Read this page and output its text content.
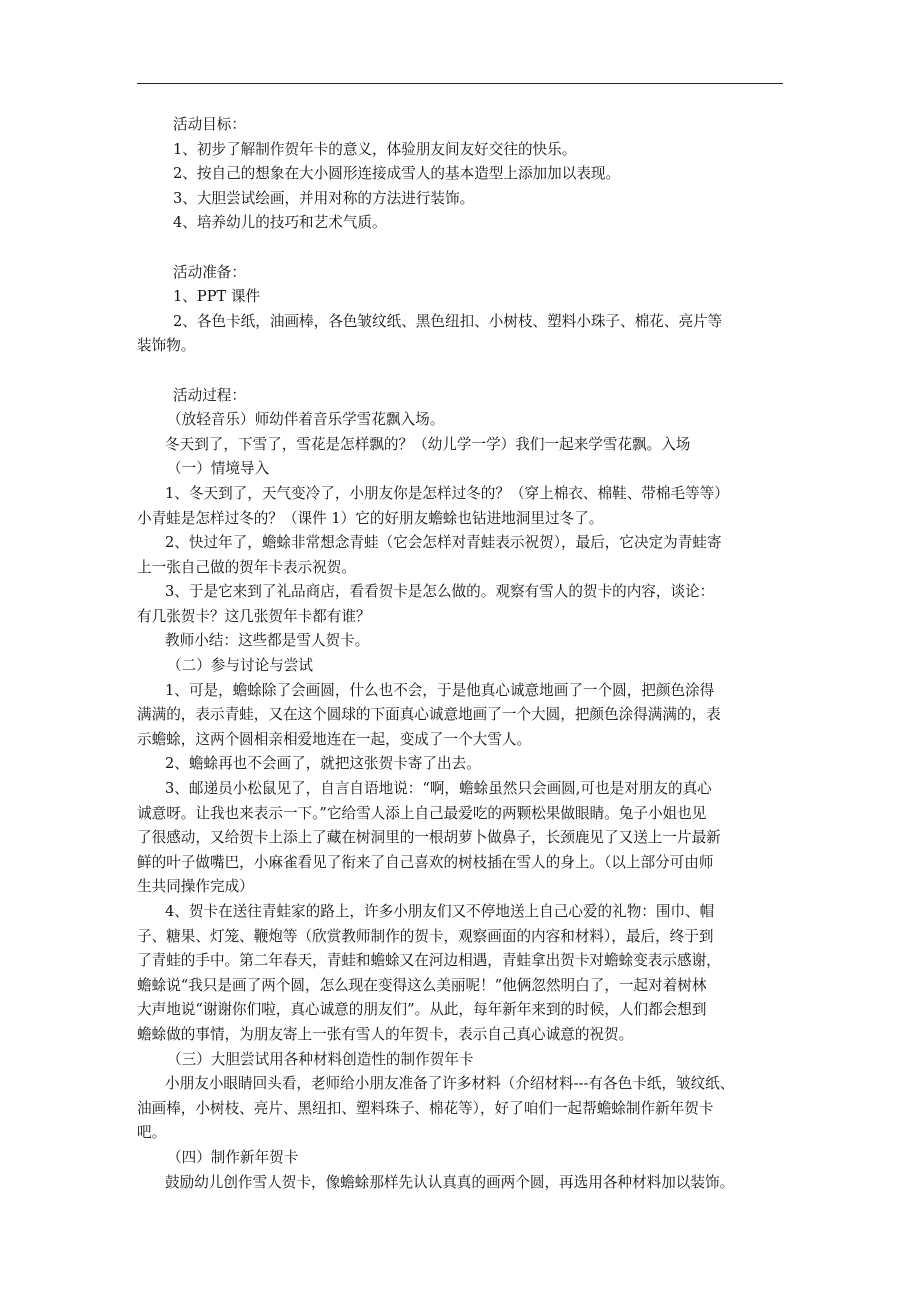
活动目标：
1、初步了解制作贺年卡的意义，体验朋友间友好交往的快乐。
2、按自己的想象在大小圆形连接成雪人的基本造型上添加加以表现。
3、大胆尝试绘画，并用对称的方法进行装饰。
4、培养幼儿的技巧和艺术气质。
活动准备：
1、PPT 课件
2、各色卡纸，油画棒，各色皱纹纸、黑色纽扣、小树枝、塑料小珠子、棉花、亮片等
装饰物。
活动过程：
（放轻音乐）师幼伴着音乐学雪花飘入场。
冬天到了，下雪了，雪花是怎样飘的？（幼儿学一学）我们一起来学雪花飘。入场
（一）情境导入
1、冬天到了，天气变冷了，小朋友你是怎样过冬的？（穿上棉衣、棉鞋、带棉毛等等）
小青蛙是怎样过冬的？（课件 1）它的好朋友蟾蜍也钻进地洞里过冬了。
2、快过年了，蟾蜍非常想念青蛙（它会怎样对青蛙表示祝贺），最后，它决定为青蛙寄
上一张自己做的贺年卡表示祝贺。
3、于是它来到了礼品商店，看看贺卡是怎么做的。观察有雪人的贺卡的内容，谈论：
有几张贺卡？这几张贺年卡都有谁？
教师小结：这些都是雪人贺卡。
（二）参与讨论与尝试
1、可是，蟾蜍除了会画圆，什么也不会，于是他真心诚意地画了一个圆，把颜色涂得
满满的，表示青蛙，又在这个圆球的下面真心诚意地画了一个大圆，把颜色涂得满满的，表
示蟾蜍，这两个圆相亲相爱地连在一起，变成了一个大雪人。
2、蟾蜍再也不会画了，就把这张贺卡寄了出去。
3、邮递员小松鼠见了，自言自语地说：“啊，蟾蜍虽然只会画圆,可也是对朋友的真心
诚意呀。让我也来表示一下。”它给雪人添上自己最爱吃的两颗松果做眼睛。兔子小姐也见
了很感动，又给贺卡上添上了藏在树洞里的一根胡萝卜做鼻子，长颈鹿见了又送上一片最新
鲜的叶子做嘴巴，小麻雀看见了衔来了自己喜欢的树枝插在雪人的身上。（以上部分可由师
生共同操作完成）
4、贺卡在送往青蛙家的路上，许多小朋友们又不停地送上自己心爱的礼物：围巾、帽
子、糖果、灯笼、鞭炮等（欣赏教师制作的贺卡，观察画面的内容和材料），最后，终于到
了青蛙的手中。第二年春天，青蛙和蟾蜍又在河边相遇，青蛙拿出贺卡对蟾蜍变表示感谢，
蟾蜍说“我只是画了两个圆，怎么现在变得这么美丽呢！”他俩忽然明白了，一起对着树林
大声地说“谢谢你们啦，真心诚意的朋友们”。从此，每年新年来到的时候，人们都会想到
蟾蜍做的事情，为朋友寄上一张有雪人的年贺卡，表示自己真心诚意的祝贺。
（三）大胆尝试用各种材料创造性的制作贺年卡
小朋友小眼睛回头看，老师给小朋友准备了许多材料（介绍材料---有各色卡纸，皱纹纸、
油画棒，小树枝、亮片、黑纽扣、塑料珠子、棉花等），好了咱们一起帮蟾蜍制作新年贺卡
吧。
（四）制作新年贺卡
鼓励幼儿创作雪人贺卡，像蟾蜍那样先认认真真的画两个圆，再选用各种材料加以装饰。
